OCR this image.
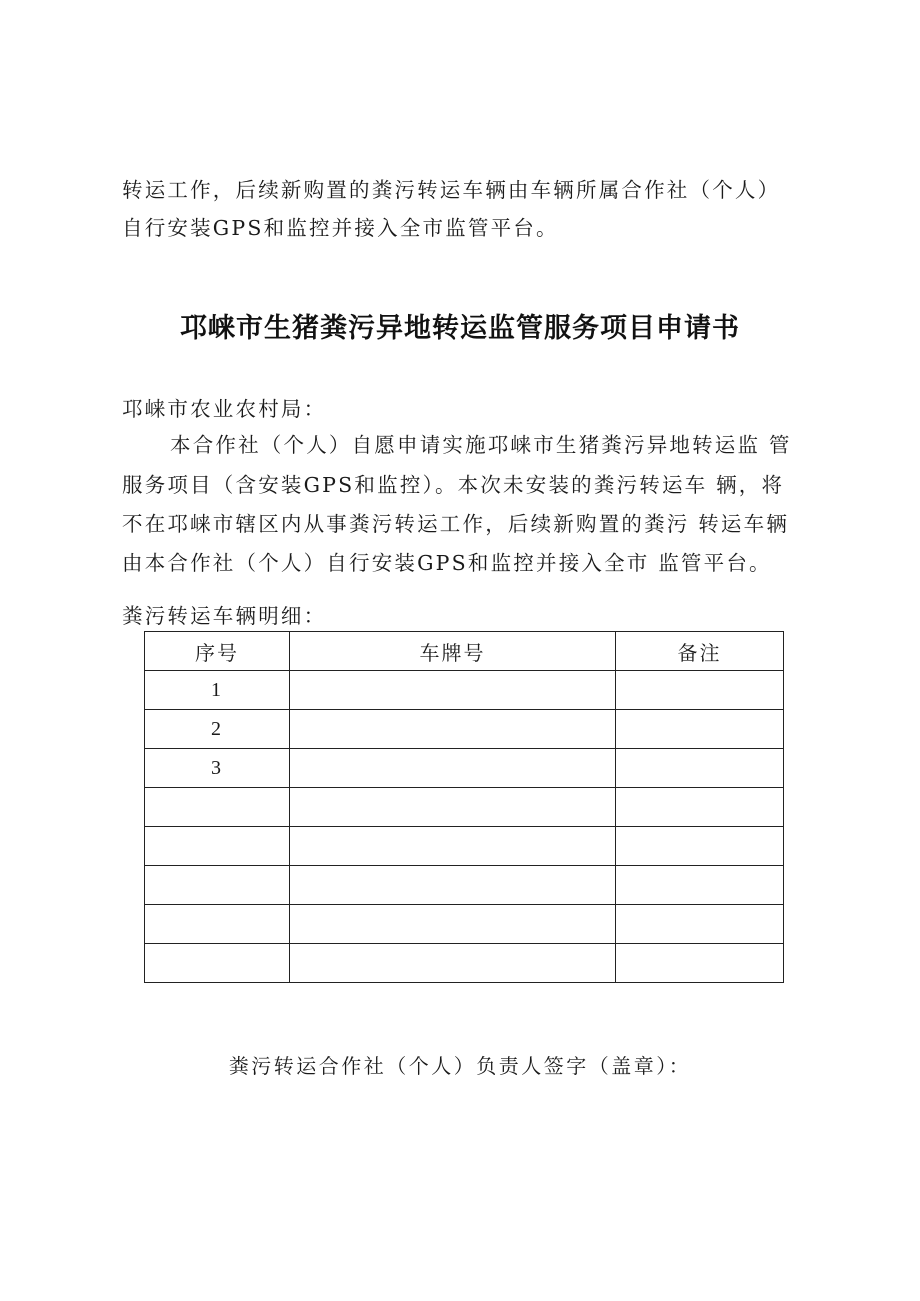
转运工作，后续新购置的粪污转运车辆由车辆所属合作社（个人）
自行安装GPS和监控并接入全市监管平台。
邛崃市生猪粪污异地转运监管服务项目申请书
邛崃市农业农村局：
本合作社（个人）自愿申请实施邛崃市生猪粪污异地转运监 管
服务项目（含安装GPS和监控）。本次未安装的粪污转运车 辆，将
不在邛崃市辖区内从事粪污转运工作，后续新购置的粪污 转运车辆
由本合作社（个人）自行安装GPS和监控并接入全市 监管平台。
粪污转运车辆明细：
序号	车牌号	备注
1		
2		
3		

粪污转运合作社（个人）负责人签字（盖章）：
